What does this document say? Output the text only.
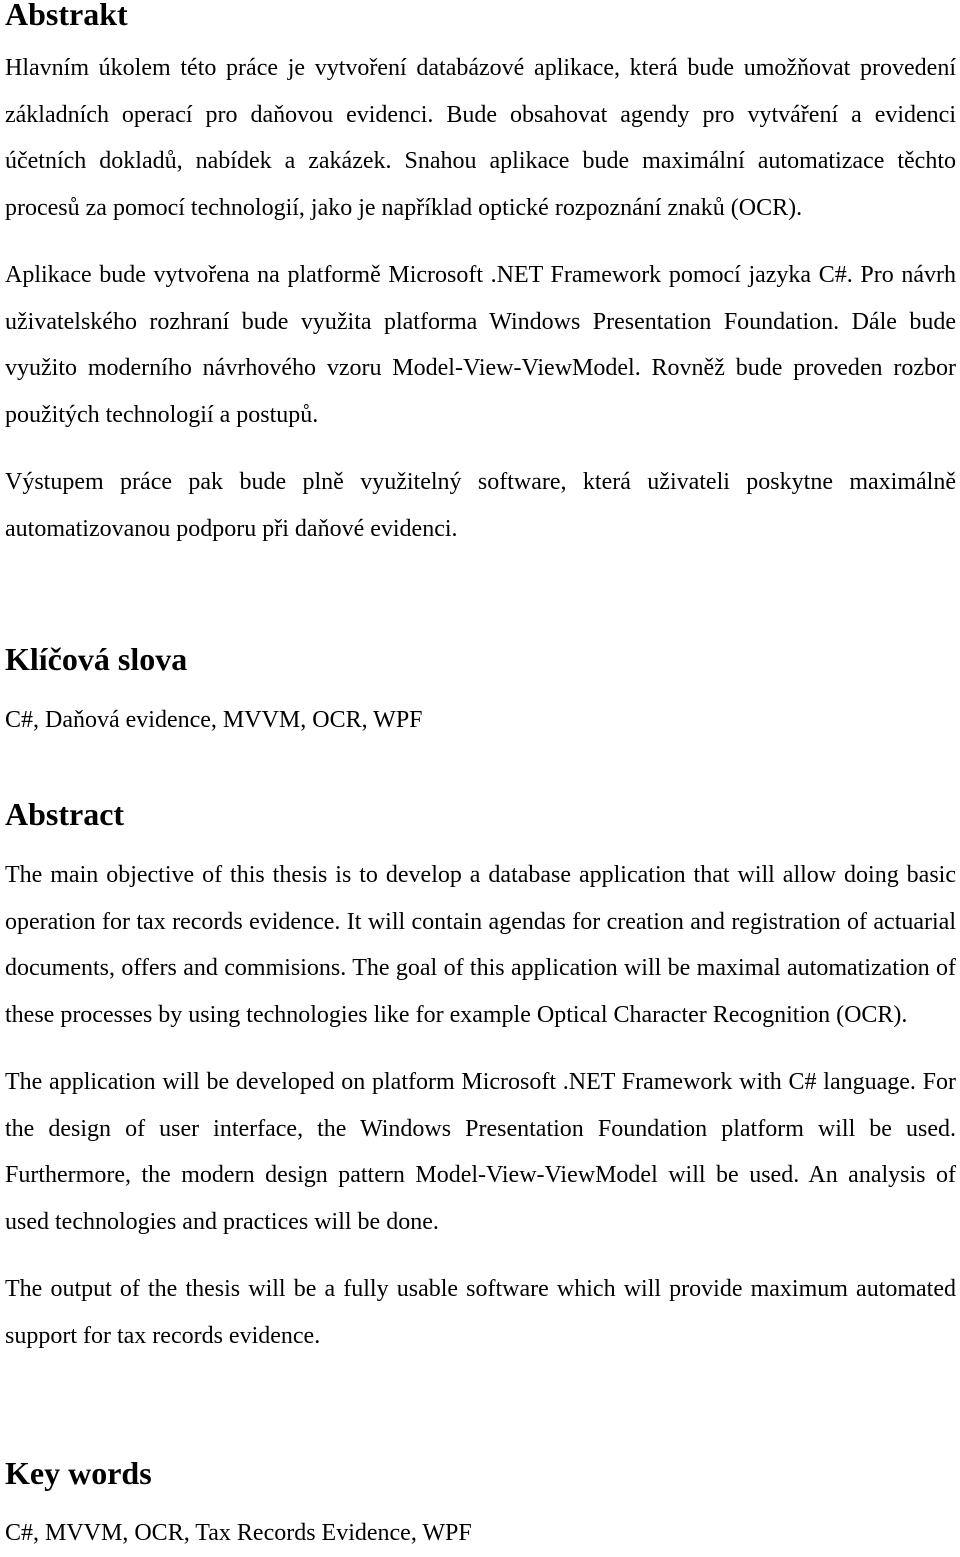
Abstrakt

Hlavním úkolem této práce je vytvoření databázové aplikace, která bude umožňovat provedení základních operací pro daňovou evidenci. Bude obsahovat agendy pro vytváření a evidenci účetních dokladů, nabídek a zakázek. Snahou aplikace bude maximální automatizace těchto procesů za pomocí technologií, jako je například optické rozpoznání znaků (OCR).

Aplikace bude vytvořena na platformě Microsoft .NET Framework pomocí jazyka C#. Pro návrh uživatelského rozhraní bude využita platforma Windows Presentation Foundation. Dále bude využito moderního návrhového vzoru Model-View-ViewModel. Rovněž bude proveden rozbor použitých technologií a postupů.

Výstupem práce pak bude plně využitelný software, která uživateli poskytne maximálně automatizovanou podporu při daňové evidenci.

Klíčová slova

C#, Daňová evidence, MVVM, OCR, WPF

Abstract

The main objective of this thesis is to develop a database application that will allow doing basic operation for tax records evidence. It will contain agendas for creation and registration of actuarial documents, offers and commisions. The goal of this application will be maximal automatization of these processes by using technologies like for example Optical Character Recognition (OCR).

The application will be developed on platform Microsoft .NET Framework with C# language. For the design of user interface, the Windows Presentation Foundation platform will be used. Furthermore, the modern design pattern Model-View-ViewModel will be used. An analysis of used technologies and practices will be done.

The output of the thesis will be a fully usable software which will provide maximum automated support for tax records evidence.

Key words

C#, MVVM, OCR, Tax Records Evidence, WPF
